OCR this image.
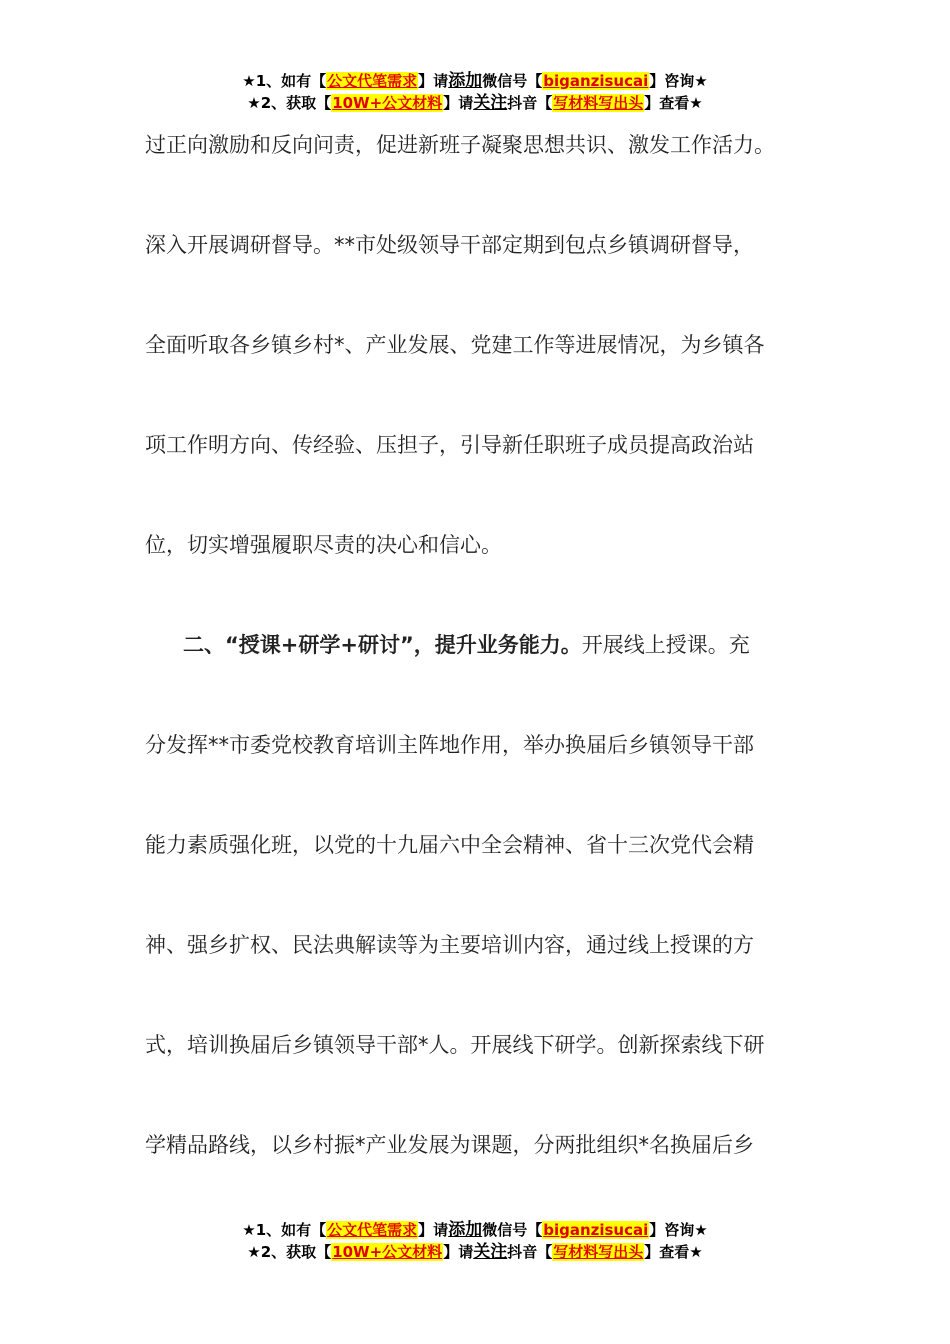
★1、如有【公文代笔需求】请添加微信号【biganzisucai】咨询★
★2、获取【10W+公文材料】请关注抖音【写材料写出头】查看★
过正向激励和反向问责，促进新班子凝聚思想共识、激发工作活力。
深入开展调研督导。**市处级领导干部定期到包点乡镇调研督导，
全面听取各乡镇乡村*、产业发展、党建工作等进展情况，为乡镇各
项工作明方向、传经验、压担子，引导新任职班子成员提高政治站
位，切实增强履职尽责的决心和信心。
二、“授课+研学+研讨”，提升业务能力。开展线上授课。充
分发挥**市委党校教育培训主阵地作用，举办换届后乡镇领导干部
能力素质强化班，以党的十九届六中全会精神、省十三次党代会精
神、强乡扩权、民法典解读等为主要培训内容，通过线上授课的方
式，培训换届后乡镇领导干部*人。开展线下研学。创新探索线下研
学精品路线，以乡村振*产业发展为课题，分两批组织*名换届后乡
★1、如有【公文代笔需求】请添加微信号【biganzisucai】咨询★
★2、获取【10W+公文材料】请关注抖音【写材料写出头】查看★
